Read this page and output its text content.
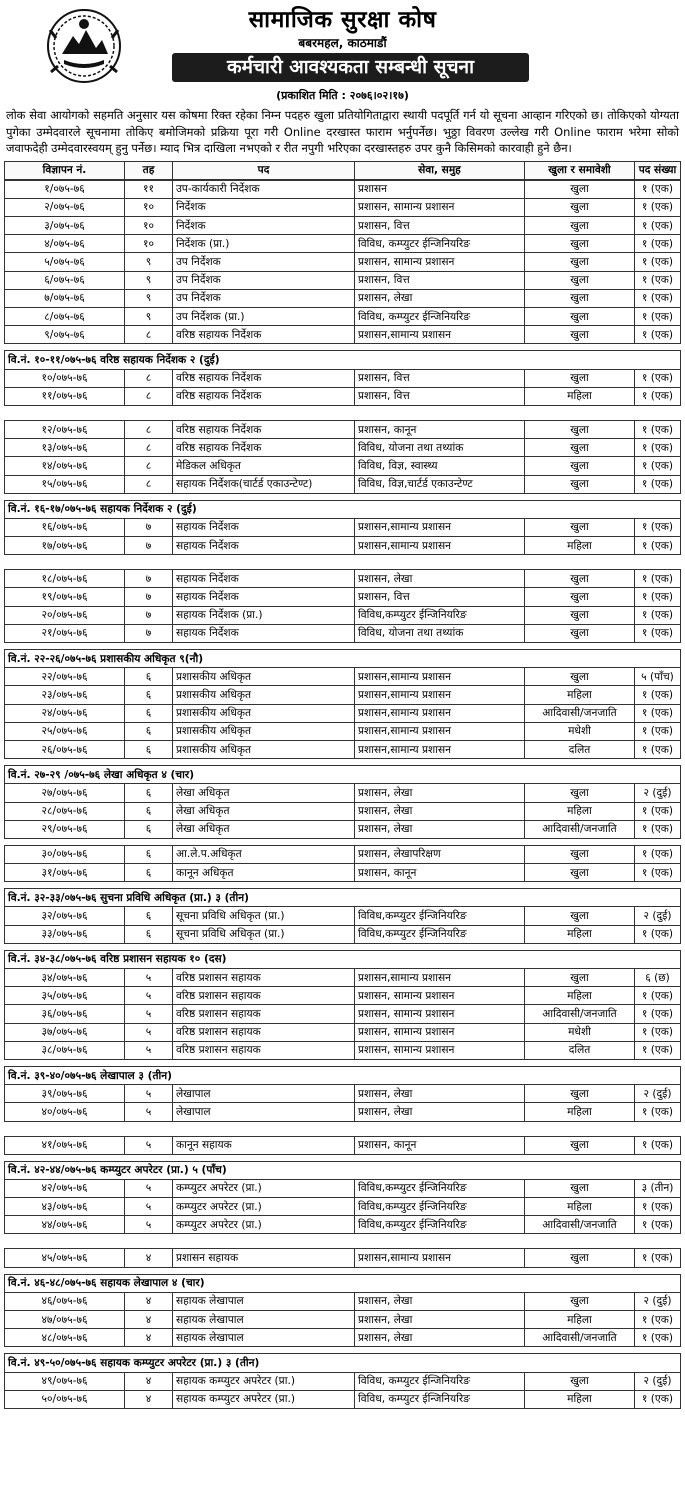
सामाजिक सुरक्षा कोष
बबरमहल, काठमाडौं
कर्मचारी आवश्यकता सम्बन्धी सूचना
(प्रकाशित मिति : २०७६।०२।१७)

लोक सेवा आयोगको सहमति अनुसार यस कोषमा रिक्त रहेका निम्न पदहरु खुला प्रतियोगिताद्वारा स्थायी पदपूर्ति गर्न यो सूचना आव्हान गरिएको छ। तोकिएको योग्यता पुगेका उम्मेदवारले सूचनामा तोकिए बमोजिमको प्रक्रिया पूरा गरी Online दरखास्त फाराम भर्नुपर्नेछ। भुठ्ठा विवरण उल्लेख गरी Online फाराम भरेमा सोको जवाफदेही उम्मेदवारस्वयम् हुनु पर्नेछ। म्याद भित्र दाखिला नभएको र रीत नपुगी भरिएका दरखास्तहरु उपर कुनै किसिमको कारवाही हुने छैन।

विज्ञापन नं.	तह	पद	सेवा, समुह	खुला र समावेशी	पद संख्या
१/०७५-७६	११	उप-कार्यकारी निर्देशक	प्रशासन	खुला	१ (एक)
२/०७५-७६	१०	निर्देशक	प्रशासन, सामान्य प्रशासन	खुला	१ (एक)
३/०७५-७६	१०	निर्देशक	प्रशासन, वित्त	खुला	१ (एक)
४/०७५-७६	१०	निर्देशक (प्रा.)	विविध, कम्प्युटर ईन्जिनियरिङ	खुला	१ (एक)
५/०७५-७६	९	उप निर्देशक	प्रशासन, सामान्य प्रशासन	खुला	१ (एक)
६/०७५-७६	९	उप निर्देशक	प्रशासन, वित्त	खुला	१ (एक)
७/०७५-७६	९	उप निर्देशक	प्रशासन, लेखा	खुला	१ (एक)
८/०७५-७६	९	उप निर्देशक (प्रा.)	विविध, कम्प्युटर ईन्जिनियरिङ	खुला	१ (एक)
९/०७५-७६	८	वरिष्ठ सहायक निर्देशक	प्रशासन,सामान्य प्रशासन	खुला	१ (एक)
वि.नं. १०-११/०७५-७६ वरिष्ठ सहायक निर्देशक २ (दुई)					
१०/०७५-७६	८	वरिष्ठ सहायक निर्देशक	प्रशासन, वित्त	खुला	१ (एक)
११/०७५-७६	८	वरिष्ठ सहायक निर्देशक	प्रशासन, वित्त	महिला	१ (एक)
१२/०७५-७६	८	वरिष्ठ सहायक निर्देशक	प्रशासन, कानून	खुला	१ (एक)
१३/०७५-७६	८	वरिष्ठ सहायक निर्देशक	विविध, योजना तथा तथ्यांक	खुला	१ (एक)
१४/०७५-७६	८	मेडिकल अधिकृत	विविध, विज्ञ, स्वास्थ्य	खुला	१ (एक)
१५/०७५-७६	८	सहायक निर्देशक(चार्टर्ड एकाउन्टेण्ट)	विविध, विज्ञ,चार्टर्ड एकाउन्टेण्ट	खुला	१ (एक)
वि.नं. १६-१७/०७५-७६ सहायक निर्देशक २ (दुई)					
१६/०७५-७६	७	सहायक निर्देशक	प्रशासन,सामान्य प्रशासन	खुला	१ (एक)
१७/०७५-७६	७	सहायक निर्देशक	प्रशासन,सामान्य प्रशासन	महिला	१ (एक)
१८/०७५-७६	७	सहायक निर्देशक	प्रशासन, लेखा	खुला	१ (एक)
१९/०७५-७६	७	सहायक निर्देशक	प्रशासन, वित्त	खुला	१ (एक)
२०/०७५-७६	७	सहायक निर्देशक (प्रा.)	विविध,कम्प्युटर ईन्जिनियरिङ	खुला	१ (एक)
२१/०७५-७६	७	सहायक निर्देशक	विविध, योजना तथा तथ्यांक	खुला	१ (एक)
वि.नं. २२-२६/०७५-७६ प्रशासकीय अधिकृत ९(नौ)					
२२/०७५-७६	६	प्रशासकीय अधिकृत	प्रशासन,सामान्य प्रशासन	खुला	५ (पाँच)
२३/०७५-७६	६	प्रशासकीय अधिकृत	प्रशासन,सामान्य प्रशासन	महिला	१ (एक)
२४/०७५-७६	६	प्रशासकीय अधिकृत	प्रशासन,सामान्य प्रशासन	आदिवासी/जनजाति	१ (एक)
२५/०७५-७६	६	प्रशासकीय अधिकृत	प्रशासन,सामान्य प्रशासन	मधेशी	१ (एक)
२६/०७५-७६	६	प्रशासकीय अधिकृत	प्रशासन,सामान्य प्रशासन	दलित	१ (एक)
वि.नं. २७-२९ /०७५-७६ लेखा अधिकृत ४ (चार)					
२७/०७५-७६	६	लेखा अधिकृत	प्रशासन, लेखा	खुला	२ (दुई)
२८/०७५-७६	६	लेखा अधिकृत	प्रशासन, लेखा	महिला	१ (एक)
२९/०७५-७६	६	लेखा अधिकृत	प्रशासन, लेखा	आदिवासी/जनजाति	१ (एक)
३०/०७५-७६	६	आ.ले.प.अधिकृत	प्रशासन, लेखापरिक्षण	खुला	१ (एक)
३१/०७५-७६	६	कानून अधिकृत	प्रशासन, कानून	खुला	१ (एक)
वि.नं. ३२-३३/०७५-७६ सुचना प्रविधि अधिकृत (प्रा.) ३ (तीन)					
३२/०७५-७६	६	सूचना प्रविधि अधिकृत (प्रा.)	विविध,कम्प्युटर ईन्जिनियरिङ	खुला	२ (दुई)
३३/०७५-७६	६	सूचना प्रविधि अधिकृत (प्रा.)	विविध,कम्प्युटर ईन्जिनियरिङ	महिला	१ (एक)
वि.नं. ३४-३८/०७५-७६ वरिष्ठ प्रशासन सहायक १० (दस)					
३४/०७५-७६	५	वरिष्ठ प्रशासन सहायक	प्रशासन,सामान्य प्रशासन	खुला	६ (छ)
३५/०७५-७६	५	वरिष्ठ प्रशासन सहायक	प्रशासन, सामान्य प्रशासन	महिला	१ (एक)
३६/०७५-७६	५	वरिष्ठ प्रशासन सहायक	प्रशासन, सामान्य प्रशासन	आदिवासी/जनजाति	१ (एक)
३७/०७५-७६	५	वरिष्ठ प्रशासन सहायक	प्रशासन, सामान्य प्रशासन	मधेशी	१ (एक)
३८/०७५-७६	५	वरिष्ठ प्रशासन सहायक	प्रशासन, सामान्य प्रशासन	दलित	१ (एक)
वि.नं. ३९-४०/०७५-७६ लेखापाल ३ (तीन)					
३९/०७५-७६	५	लेखापाल	प्रशासन, लेखा	खुला	२ (दुई)
४०/०७५-७६	५	लेखापाल	प्रशासन, लेखा	महिला	१ (एक)
४१/०७५-७६	५	कानून सहायक	प्रशासन, कानून	खुला	१ (एक)
वि.नं. ४२-४४/०७५-७६ कम्प्युटर अपरेटर (प्रा.) ५ (पाँच)					
४२/०७५-७६	५	कम्प्युटर अपरेटर (प्रा.)	विविध,कम्प्युटर ईन्जिनियरिङ	खुला	३ (तीन)
४३/०७५-७६	५	कम्प्युटर अपरेटर (प्रा.)	विविध,कम्प्युटर ईन्जिनियरिङ	महिला	१ (एक)
४४/०७५-७६	५	कम्प्युटर अपरेटर (प्रा.)	विविध,कम्प्युटर ईन्जिनियरिङ	आदिवासी/जनजाति	१ (एक)
४५/०७५-७६	४	प्रशासन सहायक	प्रशासन,सामान्य प्रशासन	खुला	१ (एक)
वि.नं. ४६-४८/०७५-७६ सहायक लेखापाल ४ (चार)					
४६/०७५-७६	४	सहायक लेखापाल	प्रशासन, लेखा	खुला	२ (दुई)
४७/०७५-७६	४	सहायक लेखापाल	प्रशासन, लेखा	महिला	१ (एक)
४८/०७५-७६	४	सहायक लेखापाल	प्रशासन, लेखा	आदिवासी/जनजाति	१ (एक)
वि.नं. ४९-५०/०७५-७६ सहायक कम्प्युटर अपरेटर (प्रा.) ३ (तीन)					
४९/०७५-७६	४	सहायक कम्प्युटर अपरेटर (प्रा.)	विविध, कम्प्युटर ईन्जिनियरिङ	खुला	२ (दुई)
५०/०७५-७६	४	सहायक कम्प्युटर अपरेटर (प्रा.)	विविध, कम्प्युटर ईन्जिनियरिङ	महिला	१ (एक)
